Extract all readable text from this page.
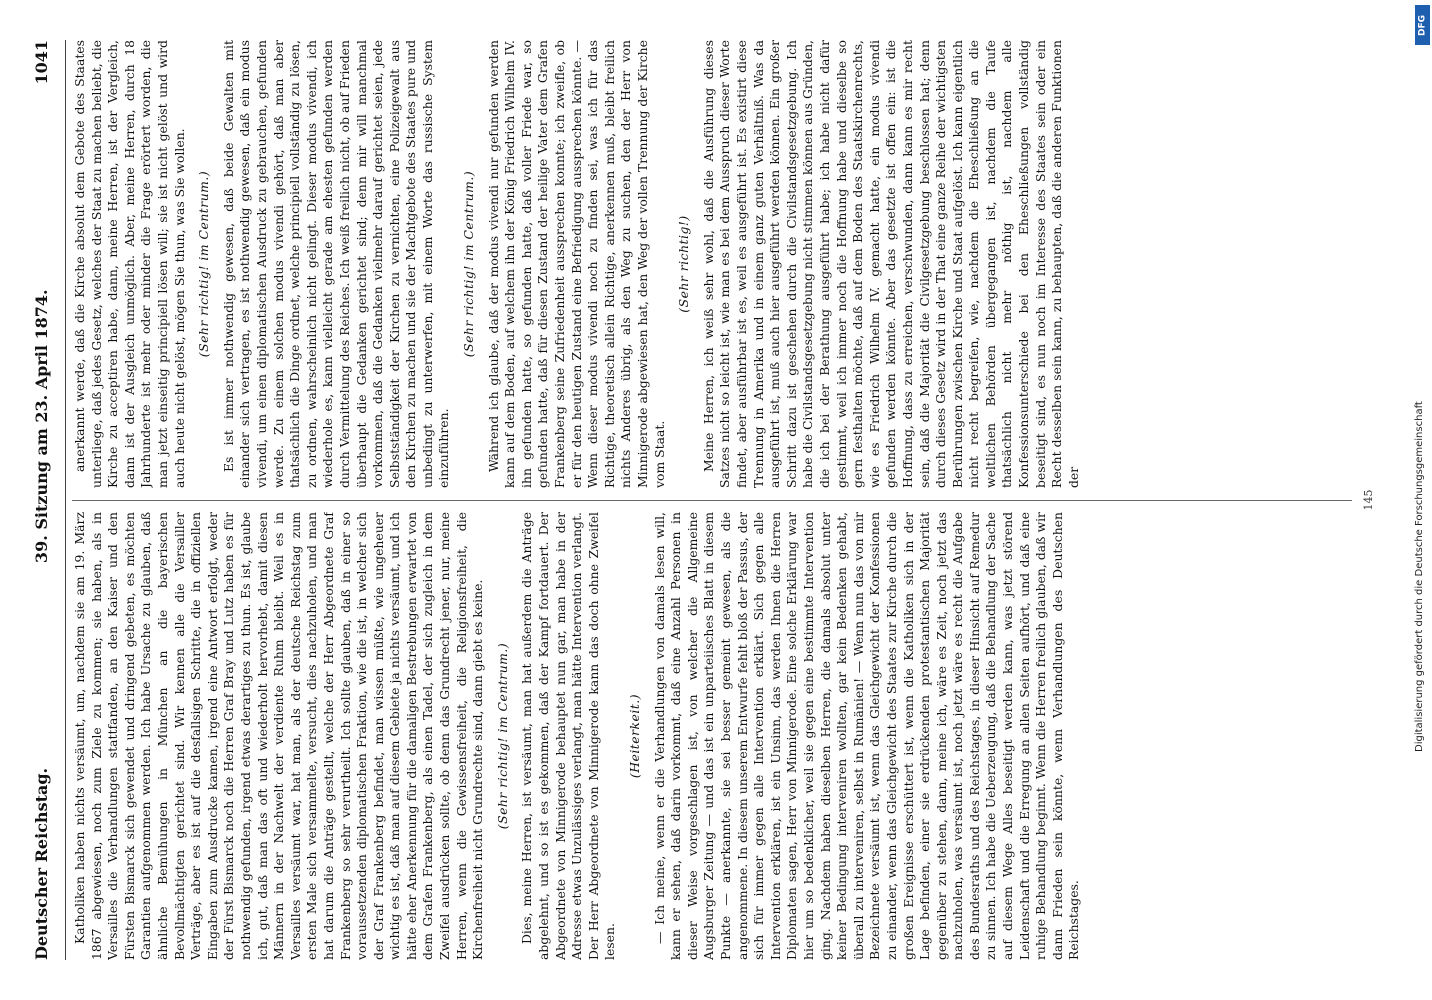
Deutscher Reichstag.
39. Sitzung am 23. April 1874.
1041

Katholiken haben nichts versäumt, um, nachdem sie am 19. März 1867 abgewiesen, noch zum Ziele zu kommen; sie haben, als in Versailles die Verhandlungen stattfanden, an den Kaiser und den Fürsten Bismarck sich gewendet und dringend gebeten, es möchten Garantien aufgenommen werden. Ich habe Ursache zu glauben, daß ähnliche Bemühungen in München an die bayerischen Bevollmächtigten gerichtet sind. Wir kennen alle die Versailler Verträge, aber es ist auf die desfallsigen Schritte, die in offiziellen Eingaben zum Ausdrucke kamen, irgend eine Antwort erfolgt, weder der Fürst Bismarck noch die Herren Graf Bray und Lutz haben es für nothwendig gefunden, irgend etwas derartiges zu thun. Es ist, glaube ich, gut, daß man das oft und wiederholt hervorhebt, damit diesen Männern in der Nachwelt der verdiente Ruhm bleibt. Weil es in Versailles versäumt war, hat man, als der deutsche Reichstag zum ersten Male sich versammelte, versucht, dies nachzuholen, und man hat darum die Anträge gestellt, welche der Herr Abgeordnete Graf Frankenberg so sehr verurtheilt. Ich sollte glauben, daß in einer so voraussetzenden diplomatischen Fraktion, wie die ist, in welcher sich der Graf Frankenberg befindet, man wissen müßte, wie ungeheuer wichtig es ist, daß man auf diesem Gebiete ja nichts versäumt, und ich hätte eher Anerkennung für die damaligen Bestrebungen erwartet von dem Grafen Frankenberg, als einen Tadel, der sich zugleich in dem Zweifel ausdrücken sollte, ob denn das Grundrecht jener, nur, meine Herren, wenn die Gewissensfreiheit, die Religionsfreiheit, die Kirchenfreiheit nicht Grundrechte sind, dann giebt es keine. (Sehr richtig! im Centrum.) Dies, meine Herren, ist versäumt, man hat außerdem die Anträge abgelehnt, und so ist es gekommen, daß der Kampf fortdauert. Der Abgeordnete von Minnigerode behauptet nun gar, man habe in der Adresse etwas Unzulässiges verlangt, man hätte Intervention verlangt. Der Herr Abgeordnete von Minnigerode kann das doch ohne Zweifel lesen.

(Heiterkeit.) — Ich meine, wenn er die Verhandlungen von damals lesen will, kann er sehen, daß darin vorkommt, daß eine Anzahl Personen in dieser Weise vorgeschlagen ist, von welcher die Allgemeine Augsburger Zeitung — und das ist ein unparteiisches Blatt in diesem Punkte — anerkannte, sie sei besser gemeint gewesen, als die angenommene. In diesem unserem Entwurfe fehlt bloß der Passus, der sich für immer gegen alle Intervention erklärt. Sich gegen alle Intervention erklären, ist ein Unsinn, das werden Ihnen die Herren Diplomaten sagen, Herr von Minnigerode. Eine solche Erklärung war hier um so bedenklicher, weil sie gegen eine bestimmte Intervention ging. Nachdem haben dieselben Herren, die damals absolut unter keiner Bedingung interveniren wollten, gar kein Bedenken gehabt, überall zu interveniren, selbst in Rumänien! — Wenn nun das von mir Bezeichnete versäumt ist, wenn das Gleichgewicht der Konfessionen zu einander, wenn das Gleichgewicht des Staates zur Kirche durch die großen Ereignisse erschüttert ist, wenn die Katholiken sich in der Lage befinden, einer sie erdrückenden protestantischen Majorität gegenüber zu stehen, dann, meine ich, wäre es Zeit, noch jetzt das nachzuholen, was versäumt ist, noch jetzt wäre es recht die Aufgabe des Bundesraths und des Reichstages, in dieser Hinsicht auf Remedur zu sinnen. Ich habe die Ueberzeugung, daß die Behandlung der Sache auf diesem Wege Alles beseitigt werden kann, was jetzt störend Leidenschaft und die Erregung an allen Seiten aufhört, und daß eine ruhige Behandlung beginnt. Wenn die Herren freilich glauben, daß wir dann Frieden sein könnte, wenn Verhandlungen des Deutschen Reichstages.

anerkannt werde, daß die Kirche absolut dem Gebote des Staates unterliege, daß jedes Gesetz, welches der Staat zu machen beliebt, die Kirche zu acceptiren habe, dann, meine Herren, ist der Vergleich, dann ist der Ausgleich unmöglich. Aber, meine Herren, durch 18 Jahrhunderte ist mehr oder minder die Frage erörtert worden, die man jetzt einseitig principiell lösen will; sie ist nicht gelöst und wird auch heute nicht gelöst, mögen Sie thun, was Sie wollen. (Sehr richtig! im Centrum.) Es ist immer nothwendig gewesen, daß beide Gewalten mit einander sich vertragen, es ist nothwendig gewesen, daß ein modus vivendi, um einen diplomatischen Ausdruck zu gebrauchen, gefunden werde. Zu einem solchen modus vivendi gehört, daß man aber thatsächlich die Dinge ordnet, welche principiell vollständig zu lösen, zu ordnen, wahrscheinlich nicht gelingt. Dieser modus vivendi, ich wiederhole es, kann vielleicht gerade am ehesten gefunden werden durch Vermittelung des Reiches. Ich weiß freilich nicht, ob auf Frieden überhaupt die Gedanken gerichtet sind; denn mir will manchmal vorkommen, daß die Gedanken vielmehr darauf gerichtet seien, jede Selbstständigkeit der Kirchen zu vernichten, eine Polizeigewalt aus den Kirchen zu machen und sie der Machtgebote des Staates pure und unbedingt zu unterwerfen, mit einem Worte das russische System einzuführen.

(Sehr richtig! im Centrum.) Während ich glaube, daß der modus vivendi nur gefunden werden kann auf dem Boden, auf welchem ihn der König Friedrich Wilhelm IV. ihn gefunden hatte, so gefunden hatte, daß voller Friede war, so gefunden hatte, daß für diesen Zustand der heilige Vater dem Grafen Frankenberg seine Zufriedenheit aussprechen konnte; ich zweifle, ob er für den heutigen Zustand eine Befriedigung aussprechen könnte. — Wenn dieser modus vivendi noch zu finden sei, was ich für das Richtige, theoretisch allein Richtige, anerkennen muß, bleibt freilich nichts Anderes übrig, als den Weg zu suchen, den der Herr von Minnigerode abgewiesen hat, den Weg der vollen Trennung der Kirche vom Staat.

(Sehr richtig!) Meine Herren, ich weiß sehr wohl, daß die Ausführung dieses Satzes nicht so leicht ist, wie man es bei dem Ausspruch dieser Worte findet, aber ausführbar ist es, weil es ausgeführt ist. Es existirt diese Trennung in Amerika und in einem ganz guten Verhältniß. Was da ausgeführt ist, muß auch hier ausgeführt werden können. Ein großer Schritt dazu ist geschehen durch die Civilstandsgesetzgebung. Ich habe die Civilstandsgesetzgebung nicht stimmen können aus Gründen, die ich bei der Berathung ausgeführt habe; ich habe nicht dafür gestimmt, weil ich immer noch die Hoffnung habe und dieselbe so gern festhalten möchte, daß auf dem Boden des Staatskirchenrechts, wie es Friedrich Wilhelm IV. gemacht hatte, ein modus vivendi gefunden werden könnte. Aber das gesetzte ist offen ein: ist die Hoffnung, dass zu erreichen, verschwunden, dann kann es mir recht sein, daß die Majorität die Civilgesetzgebung beschlossen hat; denn durch dieses Gesetz wird in der That eine ganze Reihe der wichtigsten Berührungen zwischen Kirche und Staat aufgelöst. Ich kann eigentlich nicht recht begreifen, wie, nachdem die Eheschließung an die weltlichen Behörden übergegangen ist, nachdem die Taufe thatsächlich nicht mehr nöthig ist, nachdem alle Konfessionsunterschiede bei den Eheschließungen vollständig beseitigt sind, es nun noch im Interesse des Staates sein oder ein Recht desselben sein kann, zu behaupten, daß die anderen Funktionen der

145
DFG
Digitalisierung gefördert durch die Deutsche Forschungsgemeinschaft
